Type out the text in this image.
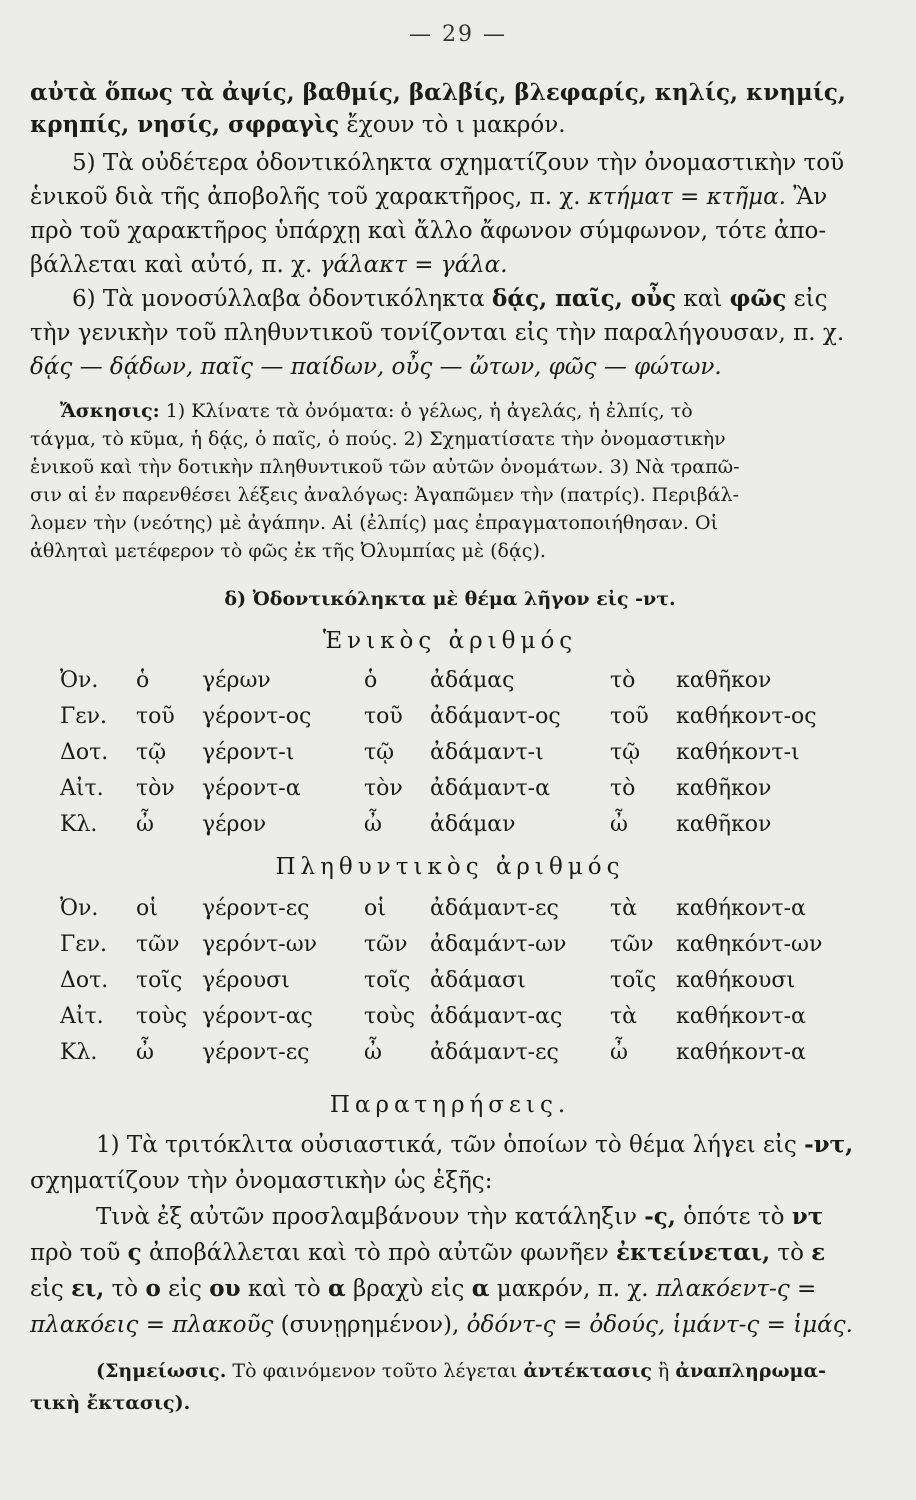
— 29 —
αὐτὰ ὅπως τὰ ἀψίς, βαθμίς, βαλβίς, βλεφαρίς, κηλίς, κνημίς,
κρηπίς, νησίς, σφραγὶς ἔχουν τὸ ι μακρόν.
5) Τὰ οὐδέτερα ὀδοντικόληκτα σχηματίζουν τὴν ὀνομαστικὴν τοῦ
ἑνικοῦ διὰ τῆς ἀποβολῆς τοῦ χαρακτῆρος, π. χ. κτήματ = κτῆμα. Ἂν
πρὸ τοῦ χαρακτῆρος ὑπάρχῃ καὶ ἄλλο ἄφωνον σύμφωνον, τότε ἀπο-
βάλλεται καὶ αὐτό, π. χ. γάλακτ = γάλα.
6) Τὰ μονοσύλλαβα ὀδοντικόληκτα δᾴς, παῖς, οὖς καὶ φῶς εἰς
τὴν γενικὴν τοῦ πληθυντικοῦ τονίζονται εἰς τὴν παραλήγουσαν, π. χ.
δᾴς — δᾴδων, παῖς — παίδων, οὖς — ὤτων, φῶς — φώτων.
Ἄσκησις: 1) Κλίνατε τὰ ὀνόματα: ὁ γέλως, ἡ ἀγελάς, ἡ ἐλπίς, τὸ
τάγμα, τὸ κῦμα, ἡ δᾴς, ὁ παῖς, ὁ πούς. 2) Σχηματίσατε τὴν ὀνομαστικὴν
ἑνικοῦ καὶ τὴν δοτικὴν πληθυντικοῦ τῶν αὐτῶν ὀνομάτων. 3) Νὰ τραπῶ-
σιν αἱ ἐν παρενθέσει λέξεις ἀναλόγως: Ἀγαπῶμεν τὴν (πατρίς). Περιβάλ-
λομεν τὴν (νεότης) μὲ ἀγάπην. Αἱ (ἐλπίς) μας ἐπραγματοποιήθησαν. Οἱ
ἀθληταὶ μετέφερον τὸ φῶς ἐκ τῆς Ὀλυμπίας μὲ (δᾴς).
δ) Ὀδοντικόληκτα μὲ θέμα λῆγον εἰς -ντ.
Ἑνικὸς ἀριθμός
Ὀν.	ὁ	γέρων	ὁ	ἀδάμας	τὸ	καθῆκον
Γεν.	τοῦ	γέροντ-ος	τοῦ	ἀδάμαντ-ος	τοῦ	καθήκοντ-ος
Δοτ.	τῷ	γέροντ-ι	τῷ	ἀδάμαντ-ι	τῷ	καθήκοντ-ι
Αἰτ.	τὸν	γέροντ-α	τὸν	ἀδάμαντ-α	τὸ	καθῆκον
Κλ.	ὦ	γέρον	ὦ	ἀδάμαν	ὦ	καθῆκον
Πληθυντικὸς ἀριθμός
Ὀν.	οἱ	γέροντ-ες	οἱ	ἀδάμαντ-ες	τὰ	καθήκοντ-α
Γεν.	τῶν	γερόντ-ων	τῶν	ἀδαμάντ-ων	τῶν	καθηκόντ-ων
Δοτ.	τοῖς	γέρουσι	τοῖς	ἀδάμασι	τοῖς	καθήκουσι
Αἰτ.	τοὺς	γέροντ-ας	τοὺς	ἀδάμαντ-ας	τὰ	καθήκοντ-α
Κλ.	ὦ	γέροντ-ες	ὦ	ἀδάμαντ-ες	ὦ	καθήκοντ-α
Παρατηρήσεις.
1) Τὰ τριτόκλιτα οὐσιαστικά, τῶν ὁποίων τὸ θέμα λήγει εἰς -ντ,
σχηματίζουν τὴν ὀνομαστικὴν ὡς ἑξῆς:
Τινὰ ἐξ αὐτῶν προσλαμβάνουν τὴν κατάληξιν -ς, ὁπότε τὸ ντ
πρὸ τοῦ ς ἀποβάλλεται καὶ τὸ πρὸ αὐτῶν φωνῆεν ἐκτείνεται, τὸ ε
εἰς ει, τὸ ο εἰς ου καὶ τὸ α βραχὺ εἰς α μακρόν, π. χ. πλακόεντ-ς =
πλακόεις = πλακοῦς (συνῃρημένον), ὀδόντ-ς = ὀδούς, ἱμάντ-ς = ἱμάς.
(Σημείωσις. Τὸ φαινόμενον τοῦτο λέγεται ἀντέκτασις ἢ ἀναπληρωμα-
τικὴ ἔκτασις).
